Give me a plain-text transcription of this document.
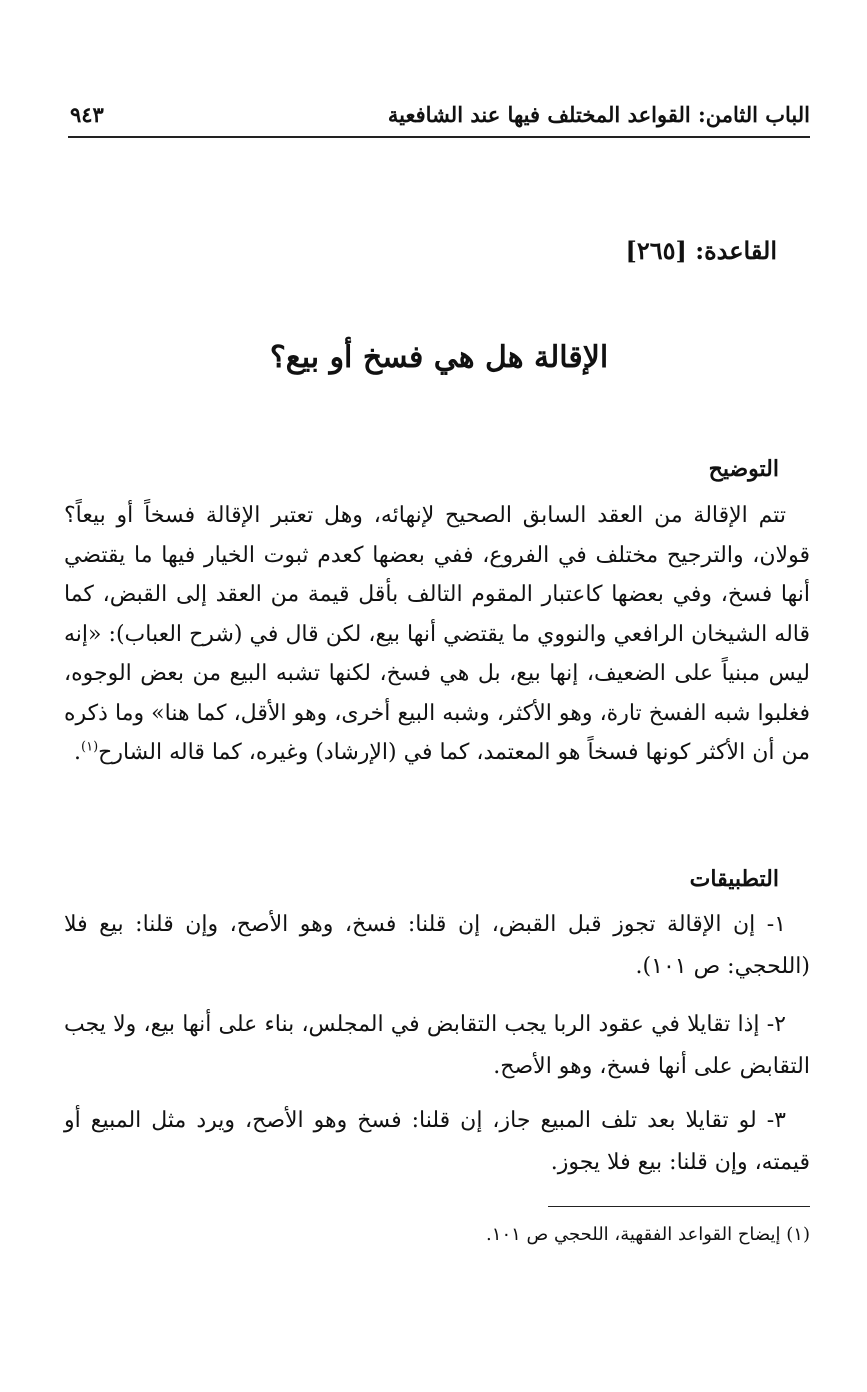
الباب الثامن: القواعد المختلف فيها عند الشافعية
٩٤٣
القاعدة: [٢٦٥]
الإقالة هل هي فسخ أو بيع؟
التوضيح
تتم الإقالة من العقد السابق الصحيح لإنهائه، وهل تعتبر الإقالة فسخاً أو بيعاً؟ قولان، والترجيح مختلف في الفروع، ففي بعضها كعدم ثبوت الخيار فيها ما يقتضي أنها فسخ، وفي بعضها كاعتبار المقوم التالف بأقل قيمة من العقد إلى القبض، كما قاله الشيخان الرافعي والنووي ما يقتضي أنها بيع، لكن قال في (شرح العباب): «إنه ليس مبنياً على الضعيف، إنها بيع، بل هي فسخ، لكنها تشبه البيع من بعض الوجوه، فغلبوا شبه الفسخ تارة، وهو الأكثر، وشبه البيع أخرى، وهو الأقل، كما هنا» وما ذكره من أن الأكثر كونها فسخاً هو المعتمد، كما في (الإرشاد) وغيره، كما قاله الشارح$^{(١)}$.
التطبيقات
١- إن الإقالة تجوز قبل القبض، إن قلنا: فسخ، وهو الأصح، وإن قلنا: بيع فلا (اللحجي: ص ١٠١).
٢- إذا تقايلا في عقود الربا يجب التقابض في المجلس، بناء على أنها بيع، ولا يجب التقابض على أنها فسخ، وهو الأصح.
٣- لو تقايلا بعد تلف المبيع جاز، إن قلنا: فسخ وهو الأصح، ويرد مثل المبيع أو قيمته، وإن قلنا: بيع فلا يجوز.
(١) إيضاح القواعد الفقهية، اللحجي ص ١٠١.
